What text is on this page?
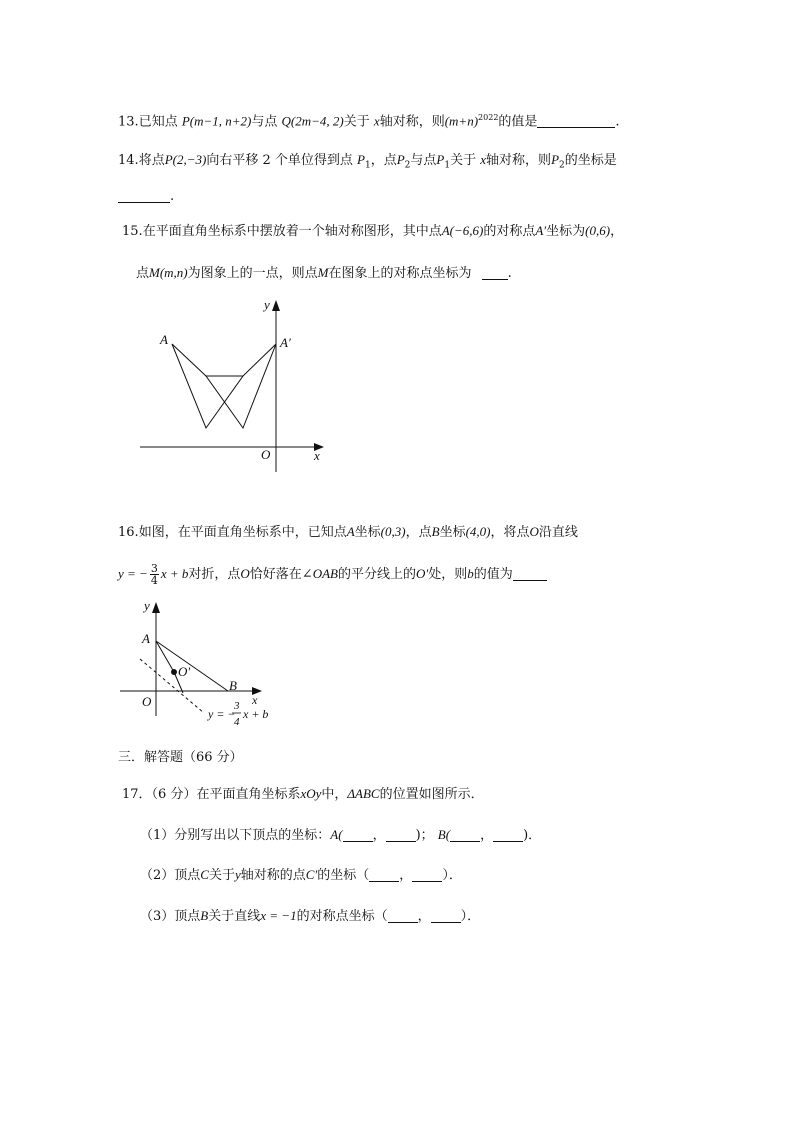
13.已知点 P(m−1, n+2)与点 Q(2m−4, 2)关于 x轴对称，则$(m+n)^{2022}$的值是	.
14.将点P(2,−3)向右平移 2 个单位得到点 $P_1$，点$P_2$与点$P_1$关于 x轴对称，则$P_2$的坐标是
.
15.在平面直角坐标系中摆放着一个轴对称图形，其中点A(−6,6)的对称点A′坐标为(0,6)，
点M(m,n)为图象上的一点，则点M在图象上的对称点坐标为	.
y
x
O
A	A′
16.如图，在平面直角坐标系中，已知点A坐标(0,3)，点B坐标(4,0)，将点O沿直线
y = − $\frac{3}{4}$ x + b对折，点O恰好落在∠OAB的平分线上的O′处，则b的值为
y
x
O
A
B
O′
y = −
3
4
x + b
三．解答题（66 分）
17．（6 分）在平面直角坐标系xOy中，ΔABC的位置如图所示．
（1）分别写出以下顶点的坐标：A( ， )； B( ， )．
（2）顶点C关于y轴对称的点C′的坐标（ ， ）．
（3）顶点B关于直线x = −1的对称点坐标（ ， ）．
